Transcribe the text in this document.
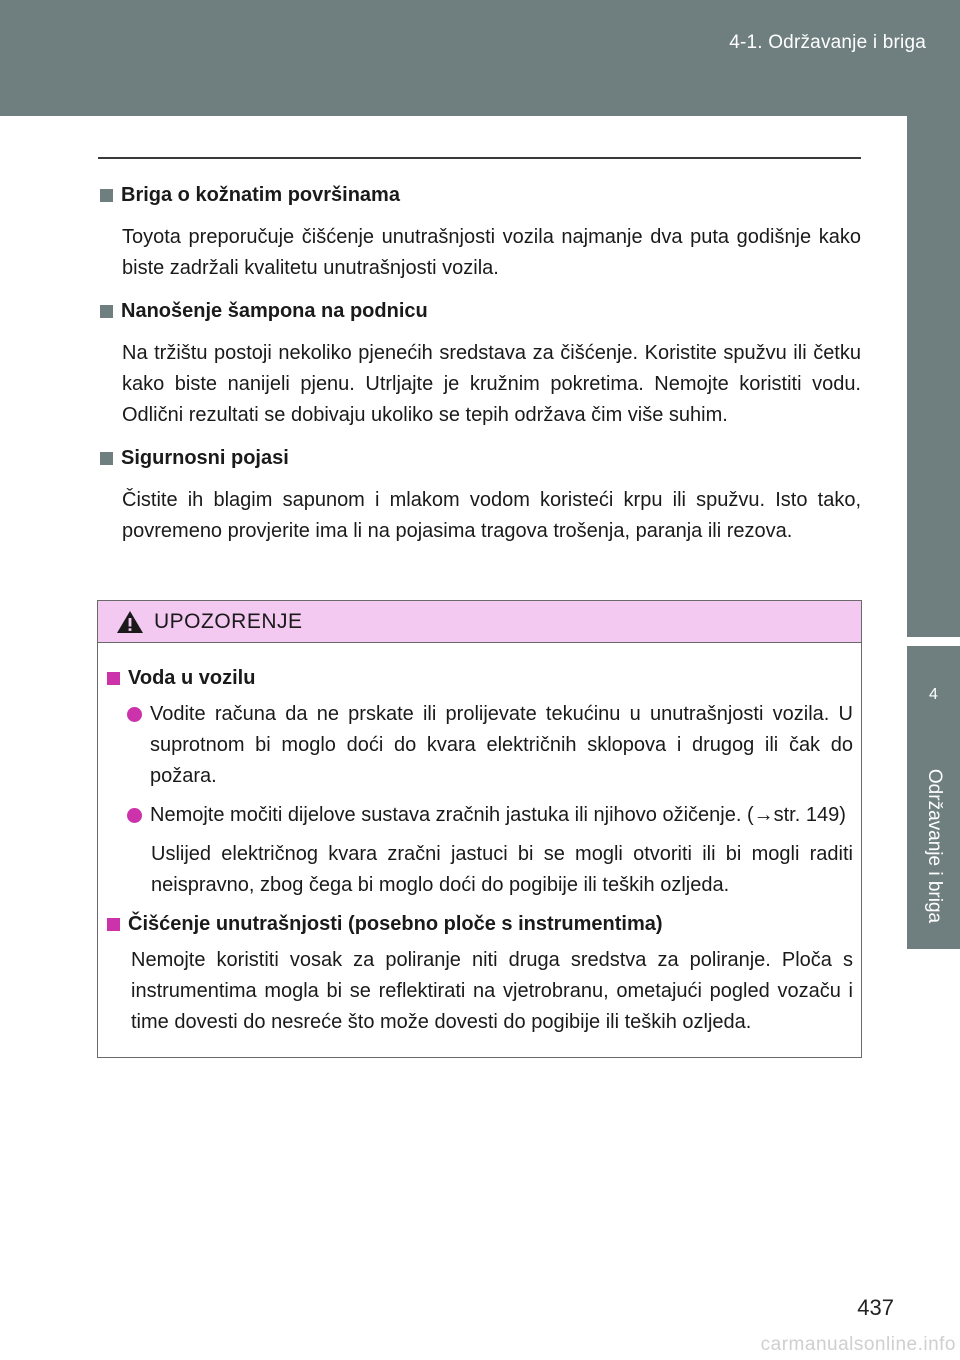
4-1. Održavanje i briga
4
Održavanje i briga
Briga o kožnatim površinama

Toyota preporučuje čišćenje unutrašnjosti vozila najmanje dva puta godišnje kako biste zadržali kvalitetu unutrašnjosti vozila.

Nanošenje šampona na podnicu

Na tržištu postoji nekoliko pjenećih sredstava za čišćenje. Koristite spužvu ili četku kako biste nanijeli pjenu. Utrljajte je kružnim pokretima. Nemojte koristiti vodu. Odlični rezultati se dobivaju ukoliko se tepih održava čim više suhim.

Sigurnosni pojasi

Čistite ih blagim sapunom i mlakom vodom koristeći krpu ili spužvu. Isto tako, povremeno provjerite ima li na pojasima tragova trošenja, paranja ili rezova.

UPOZORENJE
Voda u vozilu
Vodite računa da ne prskate ili prolijevate tekućinu u unutrašnjosti vozila. U suprotnom bi moglo doći do kvara električnih sklopova i drugog ili čak do požara.
Nemojte močiti dijelove sustava zračnih jastuka ili njihovo ožičenje. (→str. 149)

Uslijed električnog kvara zračni jastuci bi se mogli otvoriti ili bi mogli raditi neispravno, zbog čega bi moglo doći do pogibije ili teških ozljeda.

Čišćenje unutrašnjosti (posebno ploče s instrumentima)

Nemojte koristiti vosak za poliranje niti druga sredstva za poliranje. Ploča s instrumentima mogla bi se reflektirati na vjetrobranu, ometajući pogled vozaču i time dovesti do nesreće što može dovesti do pogibije ili teških ozljeda.

437
carmanualsonline.info
